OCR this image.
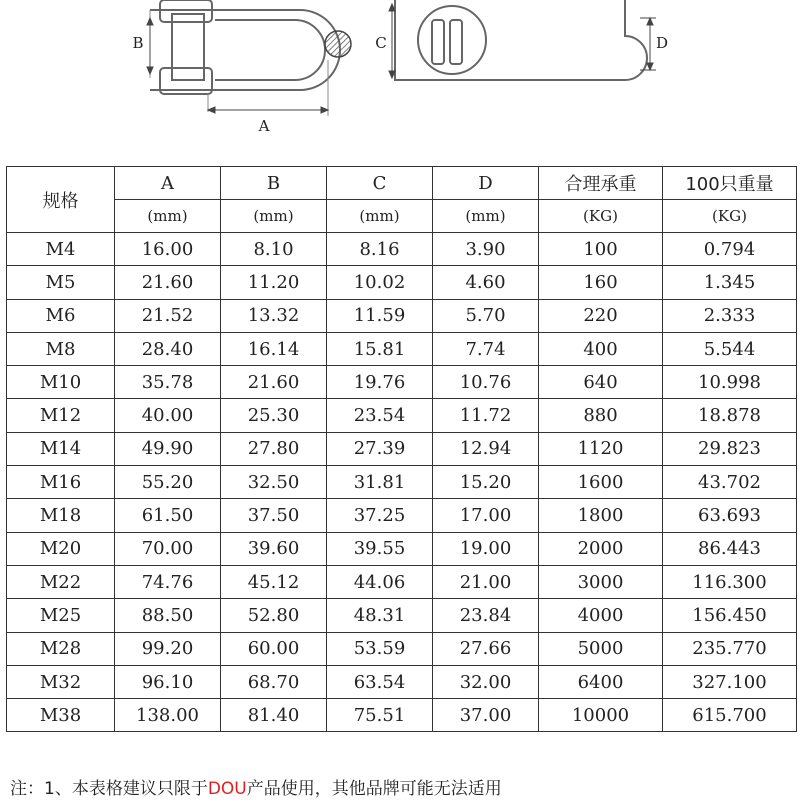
A
B	C	D
规格	A	B	C	D	合理承重	100只重量
	(mm)	(mm)	(mm)	(mm)	(KG)	(KG)
M4	16.00	8.10	8.16	3.90	100	0.794
M5	21.60	11.20	10.02	4.60	160	1.345
M6	21.52	13.32	11.59	5.70	220	2.333
M8	28.40	16.14	15.81	7.74	400	5.544
M10	35.78	21.60	19.76	10.76	640	10.998
M12	40.00	25.30	23.54	11.72	880	18.878
M14	49.90	27.80	27.39	12.94	1120	29.823
M16	55.20	32.50	31.81	15.20	1600	43.702
M18	61.50	37.50	37.25	17.00	1800	63.693
M20	70.00	39.60	39.55	19.00	2000	86.443
M22	74.76	45.12	44.06	21.00	3000	116.300
M25	88.50	52.80	48.31	23.84	4000	156.450
M28	99.20	60.00	53.59	27.66	5000	235.770
M32	96.10	68.70	63.54	32.00	6400	327.100
M38	138.00	81.40	75.51	37.00	10000	615.700
注：1、本表格建议只限于DOU产品使用，其他品牌可能无法适用
